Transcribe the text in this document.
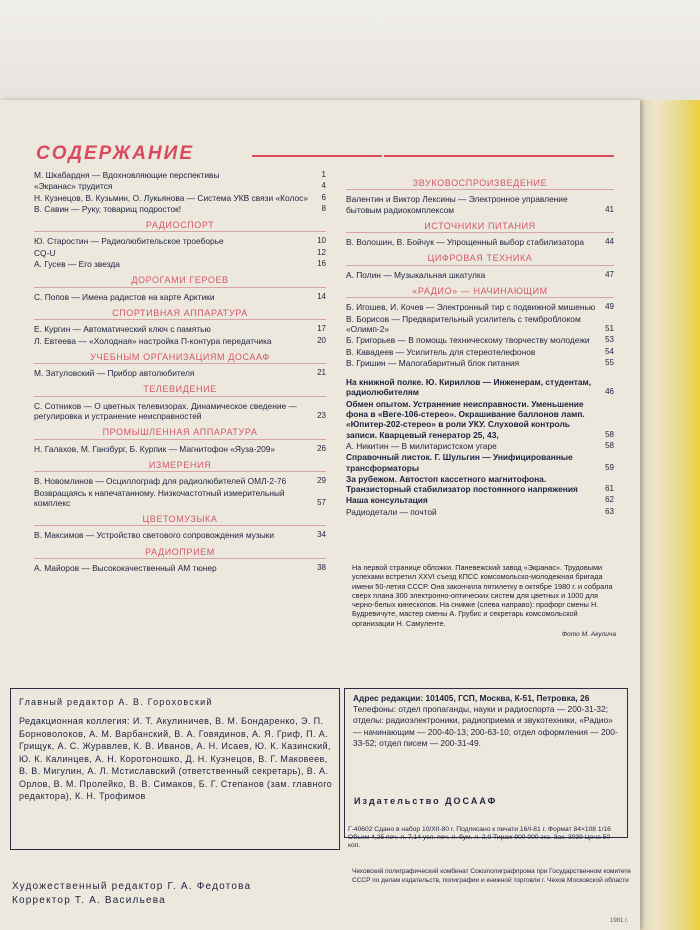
СОДЕРЖАНИЕ
М. Шкабардня — Вдохновляющие перспективы	1
«Экранас» трудится	4
Н. Кузнецов, В. Кузьмин, О. Лукьянова — Система УКВ связи «Колос» 6
В. Савин — Руку, товарищ подросток!	8
РАДИОСПОРТ
Ю. Старостин — Радиолюбительское троеборье	10
CQ-U	12
А. Гусев — Его звезда	16
ДОРОГАМИ ГЕРОЕВ
С. Попов — Имена радистов на карте Арктики	14
СПОРТИВНАЯ АППАРАТУРА
Е. Кургин — Автоматический ключ с памятью	17
Л. Евтеева — «Холодная» настройка П-контура передатчика	20
УЧЕБНЫМ ОРГАНИЗАЦИЯМ ДОСААФ
М. Затуловский — Прибор автолюбителя	21
ТЕЛЕВИДЕНИЕ
С. Сотников — О цветных телевизорах. Динамическое сведение — регулировка и устранение неисправностей	23
ПРОМЫШЛЕННАЯ АППАРАТУРА
Н. Галахов, М. Ганзбург, Б. Курпик — Магнитофон «Яуза-209»	26
ИЗМЕРЕНИЯ
В. Новомлинов — Осциллограф для радиолюбителей ОМЛ-2-76	29
Возвращаясь к напечатанному. Низкочастотный измерительный комплекс	57
ЦВЕТОМУЗЫКА
В. Максимов — Устройство светового сопровождения музыки	34
РАДИОПРИЕМ
А. Майоров — Высококачественный АМ тюнер	38
ЗВУКОВОСПРОИЗВЕДЕНИЕ
Валентин и Виктор Лексины — Электронное управление бытовым радиокомплексом	41
ИСТОЧНИКИ ПИТАНИЯ
В. Волошин, В. Бойчук — Упрощенный выбор стабилизатора	44
ЦИФРОВАЯ ТЕХНИКА
А. Полин — Музыкальная шкатулка	47
«РАДИО» — НАЧИНАЮЩИМ
Б. Игошев, И. Кочев — Электронный тир с подвижной мишенью 49
В. Борисов — Предварительный усилитель с темброблоком «Олимп-2»	51
Б. Григорьев — В помощь техническому творчеству молодежи 53
В. Кавадеев — Усилитель для стереотелефонов	54
В. Гришин — Малогабаритный блок питания	55
На книжной полке. Ю. Кириллов — Инженерам, студентам, радиолюбителям	46
Обмен опытом. Устранение неисправности. Уменьшение фона в «Веге-106-стерео». Окрашивание баллонов ламп. «Юпитер-202-стерео» в роли УКУ. Слуховой контроль записи. Кварцевый генератор 25, 43,	58
А. Никитин — В милитаристском угаре	58
Справочный листок. Г. Шульгин — Унифицированные трансформаторы	59
За рубежом. Автостоп кассетного магнитофона. Транзисторный стабилизатор постоянного напряжения	61
Наша консультация	62
Радиодетали — почтой	63
На первой странице обложки. Паневежский завод «Экранас». Трудовыми успехами встретил XXVI съезд КПСС комсомольско-молодежная бригада имени 50-летия СССР. Она закончила пятилетку в октябре 1980 г. и собрала сверх плана 300 электронно-оптических систем для цветных и 1000 для черно-белых кинескопов. На снимке (слева направо): профорг смены Н. Будревичуте, мастер смены А. Грубис и секретарь комсомольской организации Н. Самуленте.
Фото М. Акулича
Главный редактор А. В. Гороховский
Редакционная коллегия: И. Т. Акулиничев, В. М. Бондаренко, Э. П. Борноволоков, А. М. Варбанский, В. А. Говядинов, А. Я. Гриф, П. А. Грищук, А. С. Журавлев, К. В. Иванов, А. Н. Исаев, Ю. К. Казинский, Ю. К. Калинцев, А. Н. Коротоношко, Д. Н. Кузнецов, В. Г. Маковеев, В. В. Мигулин, А. Л. Мстиславский (ответственный секретарь), В. А. Орлов, В. М. Пролейко, В. В. Симаков, Б. Г. Степанов (зам. главного редактора), К. Н. Трофимов
Адрес редакции: 101405, ГСП, Москва, К-51, Петровка, 26
Телефоны: отдел пропаганды, науки и радиоспорта — 200-31-32; отделы: радиоэлектроники, радиоприема и звукотехники, «Радио» — начинающим — 200-40-13; 200-63-10; отдел оформления — 200-33-52; отдел писем — 200-31-49.
Издательство ДОСААФ
Г-40602 Сдано в набор 10/XII-80 г. Подписано к печати 16/I-81 г. Формат 84×108 1/16 Объем 4,25 печ. л. 7,14 усл. печ. л. бум. л. 2,0 Тираж 900 000 экз. Зак. 3039 Цена 50 коп.
Чеховский полиграфический комбинат Союзполиграфпрома при Государственном комитете СССР по делам издательств, полиграфии и книжной торговли г. Чехов Московской области
Художественный редактор Г. А. Федотова
Корректор Т. А. Васильева
1981 г.
